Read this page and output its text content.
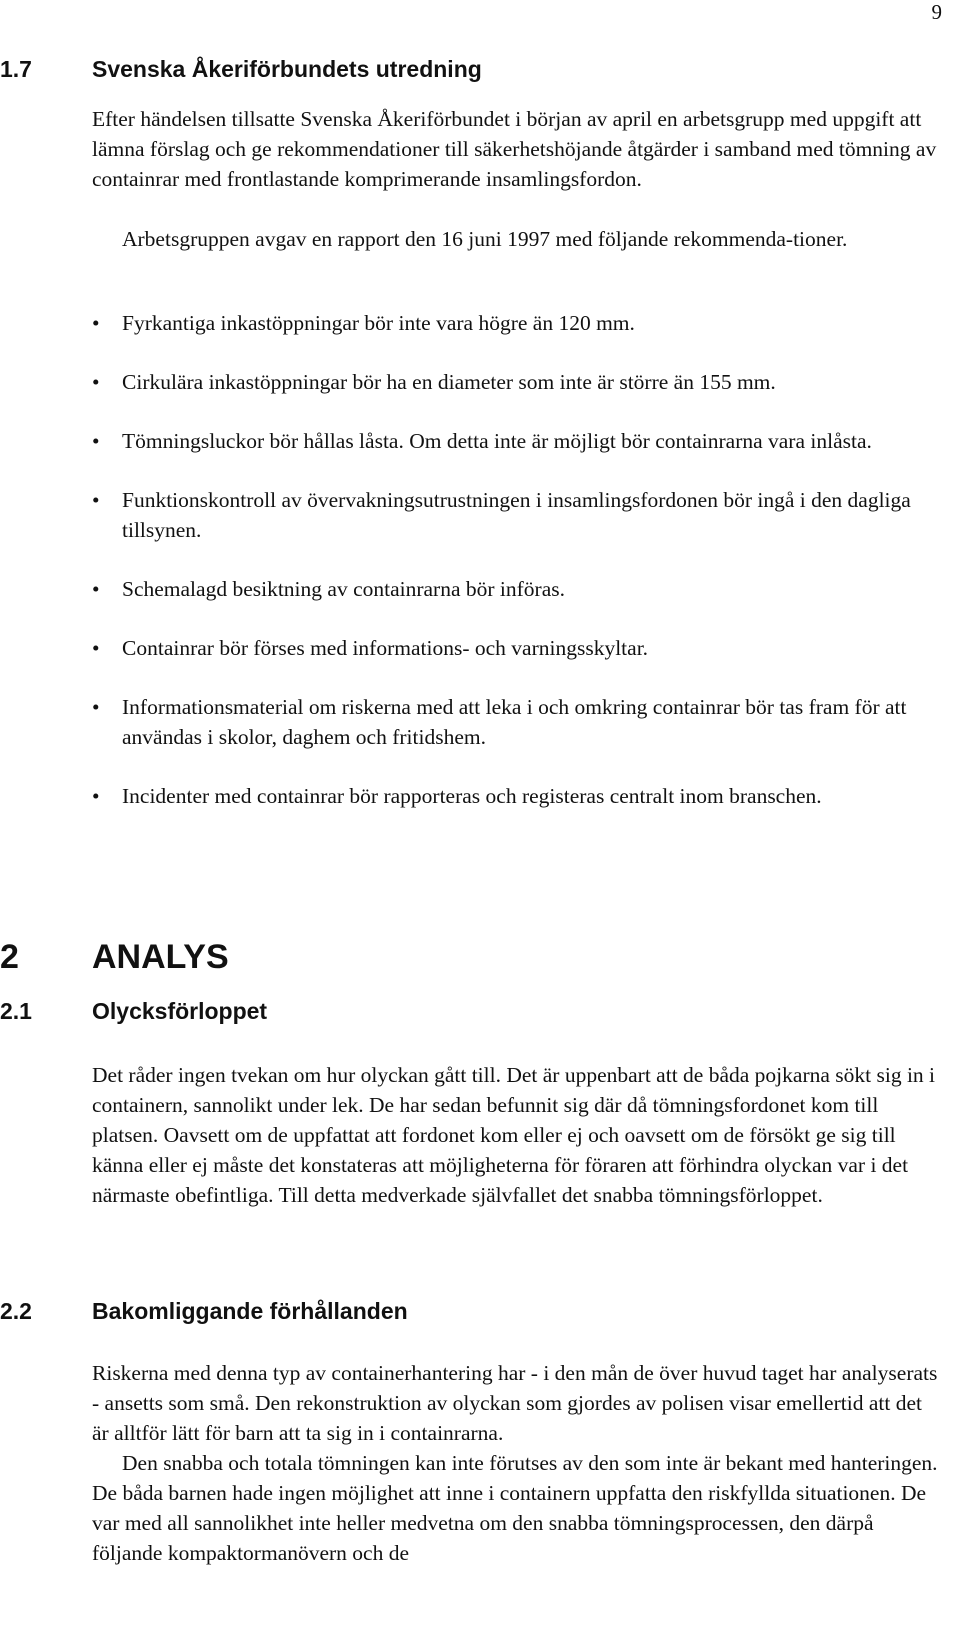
9
1.7	Svenska Åkeriförbundets utredning

Efter händelsen tillsatte Svenska Åkeriförbundet i början av april en arbetsgrupp med uppgift att lämna förslag och ge rekommendationer till säkerhetshöjande åtgärder i samband med tömning av containrar med frontlastande komprimerande insamlingsfordon.

Arbetsgruppen avgav en rapport den 16 juni 1997 med följande rekommenda-tioner.

• Fyrkantiga inkastöppningar bör inte vara högre än 120 mm.
• Cirkulära inkastöppningar bör ha en diameter som inte är större än 155 mm.
• Tömningsluckor bör hållas låsta. Om detta inte är möjligt bör containrarna vara inlåsta.
• Funktionskontroll av övervakningsutrustningen i insamlingsfordonen bör ingå i den dagliga tillsynen.
• Schemalagd besiktning av containrarna bör införas.
• Containrar bör förses med informations- och varningsskyltar.
• Informationsmaterial om riskerna med att leka i och omkring containrar bör tas fram för att användas i skolor, daghem och fritidshem.
• Incidenter med containrar bör rapporteras och registeras centralt inom branschen.
2 ANALYS
2.1	Olycksförloppet

Det råder ingen tvekan om hur olyckan gått till. Det är uppenbart att de båda pojkarna sökt sig in i containern, sannolikt under lek. De har sedan befunnit sig där då tömningsfordonet kom till platsen. Oavsett om de uppfattat att fordonet kom eller ej och oavsett om de försökt ge sig till känna eller ej måste det konstateras att möjligheterna för föraren att förhindra olyckan var i det närmaste obefintliga. Till detta medverkade självfallet det snabba tömningsförloppet.

2.2	Bakomliggande förhållanden

Riskerna med denna typ av containerhantering har - i den mån de över huvud taget har analyserats - ansetts som små. Den rekonstruktion av olyckan som gjordes av polisen visar emellertid att det är alltför lätt för barn att ta sig in i containrarna.

Den snabba och totala tömningen kan inte förutses av den som inte är bekant med hanteringen. De båda barnen hade ingen möjlighet att inne i containern uppfatta den riskfyllda situationen. De var med all sannolikhet inte heller medvetna om den snabba tömningsprocessen, den därpå följande kompaktormanövern och de
